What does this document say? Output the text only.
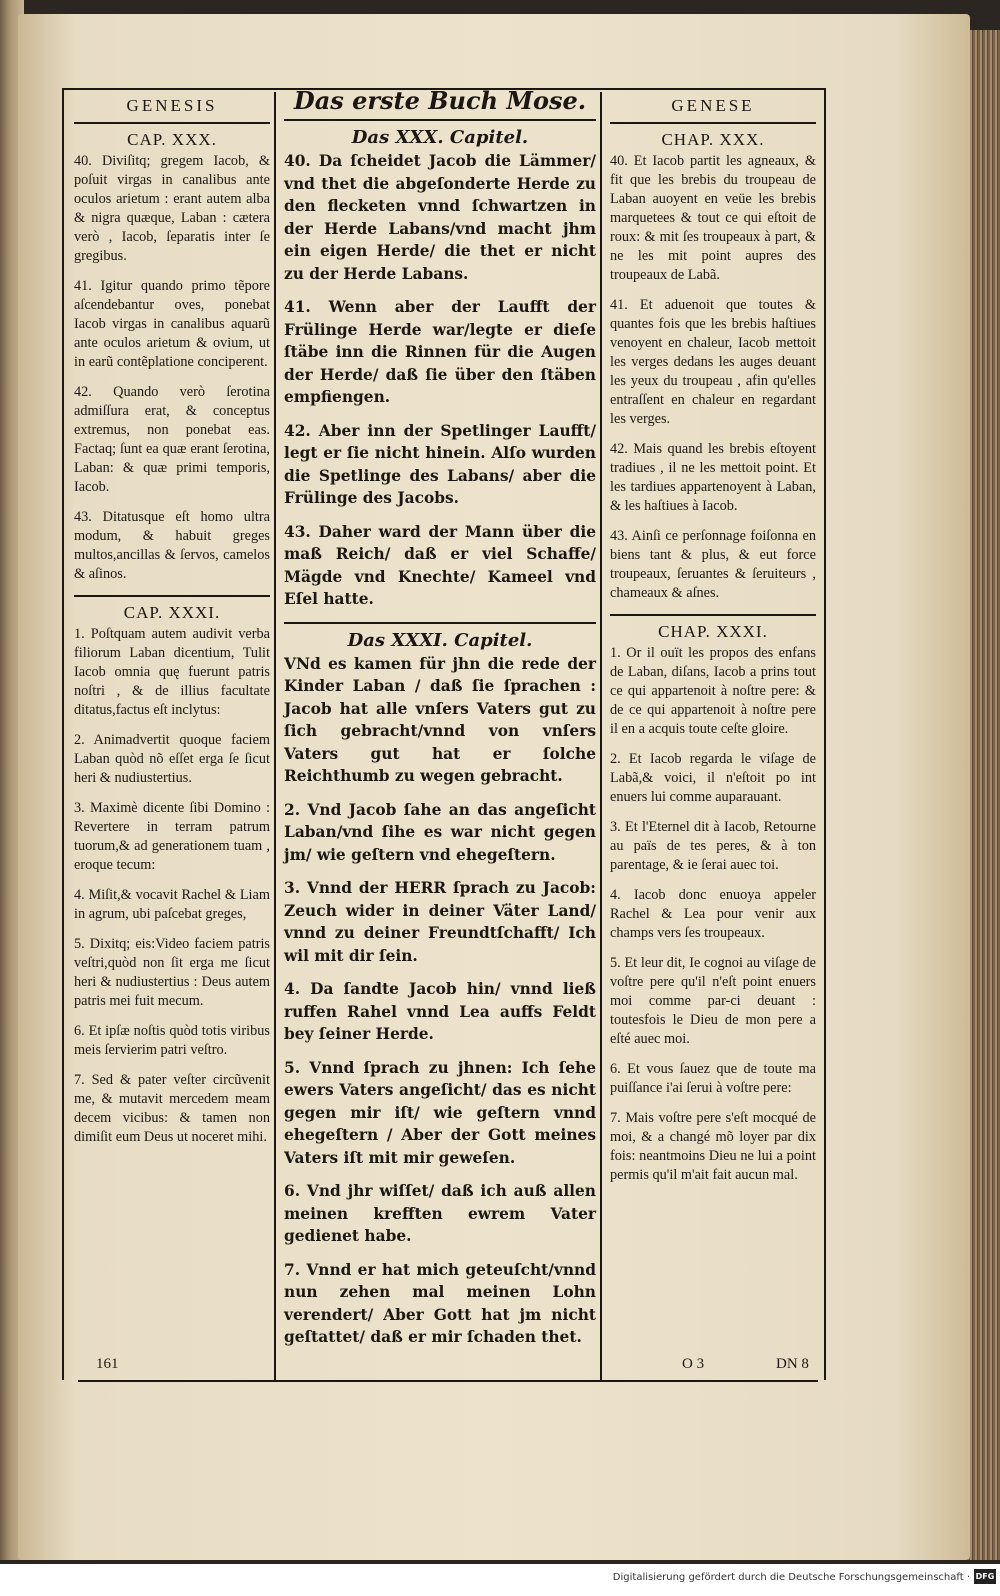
GENESIS
CAP. XXX.

40. Diviſitq; gregem Iacob, & poſuit virgas in canalibus ante oculos arietum : erant autem alba & nigra quæque, Laban : cætera verò , Iacob, ſeparatis inter ſe gregibus.

41. Igitur quando primo tẽpore aſcendebantur oves, ponebat Iacob virgas in canalibus aquarũ ante oculos arietum & ovium, ut in earũ contẽplatione conciperent.

42. Quando verò ſerotina admiſſura erat, & conceptus extremus, non ponebat eas. Factaq; ſunt ea quæ erant ſerotina, Laban: & quæ primi temporis, Iacob.

43. Ditatusque eſt homo ultra modum, & habuit greges multos,ancillas & ſervos, camelos & aſinos.

CAP. XXXI.

1. Poſtquam autem audivit verba filiorum Laban dicentium, Tulit Iacob omnia quę fuerunt patris noſtri , & de illius facultate ditatus,factus eſt inclytus:

2. Animadvertit quoque faciem Laban quòd nõ eſſet erga ſe ſicut heri & nudiustertius.

3. Maximè dicente ſibi Domino : Revertere in terram patrum tuorum,& ad generationem tuam , eroque tecum:

4. Miſit,& vocavit Rachel & Liam in agrum, ubi paſcebat greges,

5. Dixitq; eis:Video faciem patris veſtri,quòd non ſit erga me ſicut heri & nudiustertius : Deus autem patris mei fuit mecum.

6. Et ipſæ noſtis quòd totis viribus meis ſervierim patri veſtro.

7. Sed & pater veſter circũvenit me, & mutavit mercedem meam decem vicibus: & tamen non dimiſit eum Deus ut noceret mihi.

Das erste Buch Mose.
Das XXX. Capitel.

40. Da ſcheidet Jacob die Lämmer/ vnd thet die abgeſonderte Herde zu den flecketen vnnd ſchwartzen in der Herde Labans/vnd macht jhm ein eigen Herde/ die thet er nicht zu der Herde Labans.

41. Wenn aber der Laufft der Frülinge Herde war/legte er dieſe ſtäbe inn die Rinnen für die Augen der Herde/ daß ſie über den ſtäben empfiengen.

42. Aber inn der Spetlinger Laufft/ legt er ſie nicht hinein. Alſo wurden die Spetlinge des Labans/ aber die Frülinge des Jacobs.

43. Daher ward der Mann über die maß Reich/ daß er viel Schaffe/ Mägde vnd Knechte/ Kameel vnd Eſel hatte.

Das XXXI. Capitel.

VNd es kamen für jhn die rede der Kinder Laban / daß ſie ſprachen : Jacob hat alle vnſers Vaters gut zu ſich gebracht/vnnd von vnſers Vaters gut hat er ſolche Reichthumb zu wegen gebracht.

2. Vnd Jacob ſahe an das angeſicht Laban/vnd ſihe es war nicht gegen jm/ wie geſtern vnd ehegeſtern.

3. Vnnd der HERR ſprach zu Jacob: Zeuch wider in deiner Väter Land/ vnnd zu deiner Freundtſchafft/ Ich wil mit dir ſein.

4. Da ſandte Jacob hin/ vnnd ließ ruffen Rahel vnnd Lea auffs Feldt bey ſeiner Herde.

5. Vnnd ſprach zu jhnen: Ich ſehe ewers Vaters angeſicht/ das es nicht gegen mir iſt/ wie geſtern vnnd ehegeſtern / Aber der Gott meines Vaters iſt mit mir geweſen.

6. Vnd jhr wiſſet/ daß ich auß allen meinen krefften ewrem Vater gedienet habe.

7. Vnnd er hat mich geteuſcht/vnnd nun zehen mal meinen Lohn verendert/ Aber Gott hat jm nicht geſtattet/ daß er mir ſchaden thet.

GENESE
CHAP. XXX.

40. Et Iacob partit les agneaux, & fit que les brebis du troupeau de Laban auoyent en veüe les brebis marquetees & tout ce qui eſtoit de roux: & mit ſes troupeaux à part, & ne les mit point aupres des troupeaux de Labã.

41. Et aduenoit que toutes & quantes fois que les brebis haſtiues venoyent en chaleur, Iacob mettoit les verges dedans les auges deuant les yeux du troupeau , afin qu'elles entraſſent en chaleur en regardant les verges.

42. Mais quand les brebis eſtoyent tradiues , il ne les mettoit point. Et les tardiues appartenoyent à Laban, & les haſtiues à Iacob.

43. Ainſi ce perſonnage foiſonna en biens tant & plus, & eut force troupeaux, ſeruantes & ſeruiteurs , chameaux & aſnes.

CHAP. XXXI.

1. Or il ouït les propos des enfans de Laban, diſans, Iacob a prins tout ce qui appartenoit à noſtre pere: & de ce qui appartenoit à noſtre pere il en a acquis toute ceſte gloire.

2. Et Iacob regarda le viſage de Labã,& voici, il n'eſtoit po int enuers lui comme auparauant.

3. Et l'Eternel dit à Iacob, Retourne au païs de tes peres, & à ton parentage, & ie ſerai auec toi.

4. Iacob donc enuoya appeler Rachel & Lea pour venir aux champs vers ſes troupeaux.

5. Et leur dit, Ie cognoi au viſage de voſtre pere qu'il n'eſt point enuers moi comme par-ci deuant : toutesfois le Dieu de mon pere a eſté auec moi.

6. Et vous ſauez que de toute ma puiſſance i'ai ſerui à voſtre pere:

7. Mais voſtre pere s'eſt mocqué de moi, & a changé mõ loyer par dix fois: neantmoins Dieu ne lui a point permis qu'il m'ait fait aucun mal.

161	O 3	DN 8
Digitalisierung gefördert durch die Deutsche Forschungsgemeinschaft · DFG
